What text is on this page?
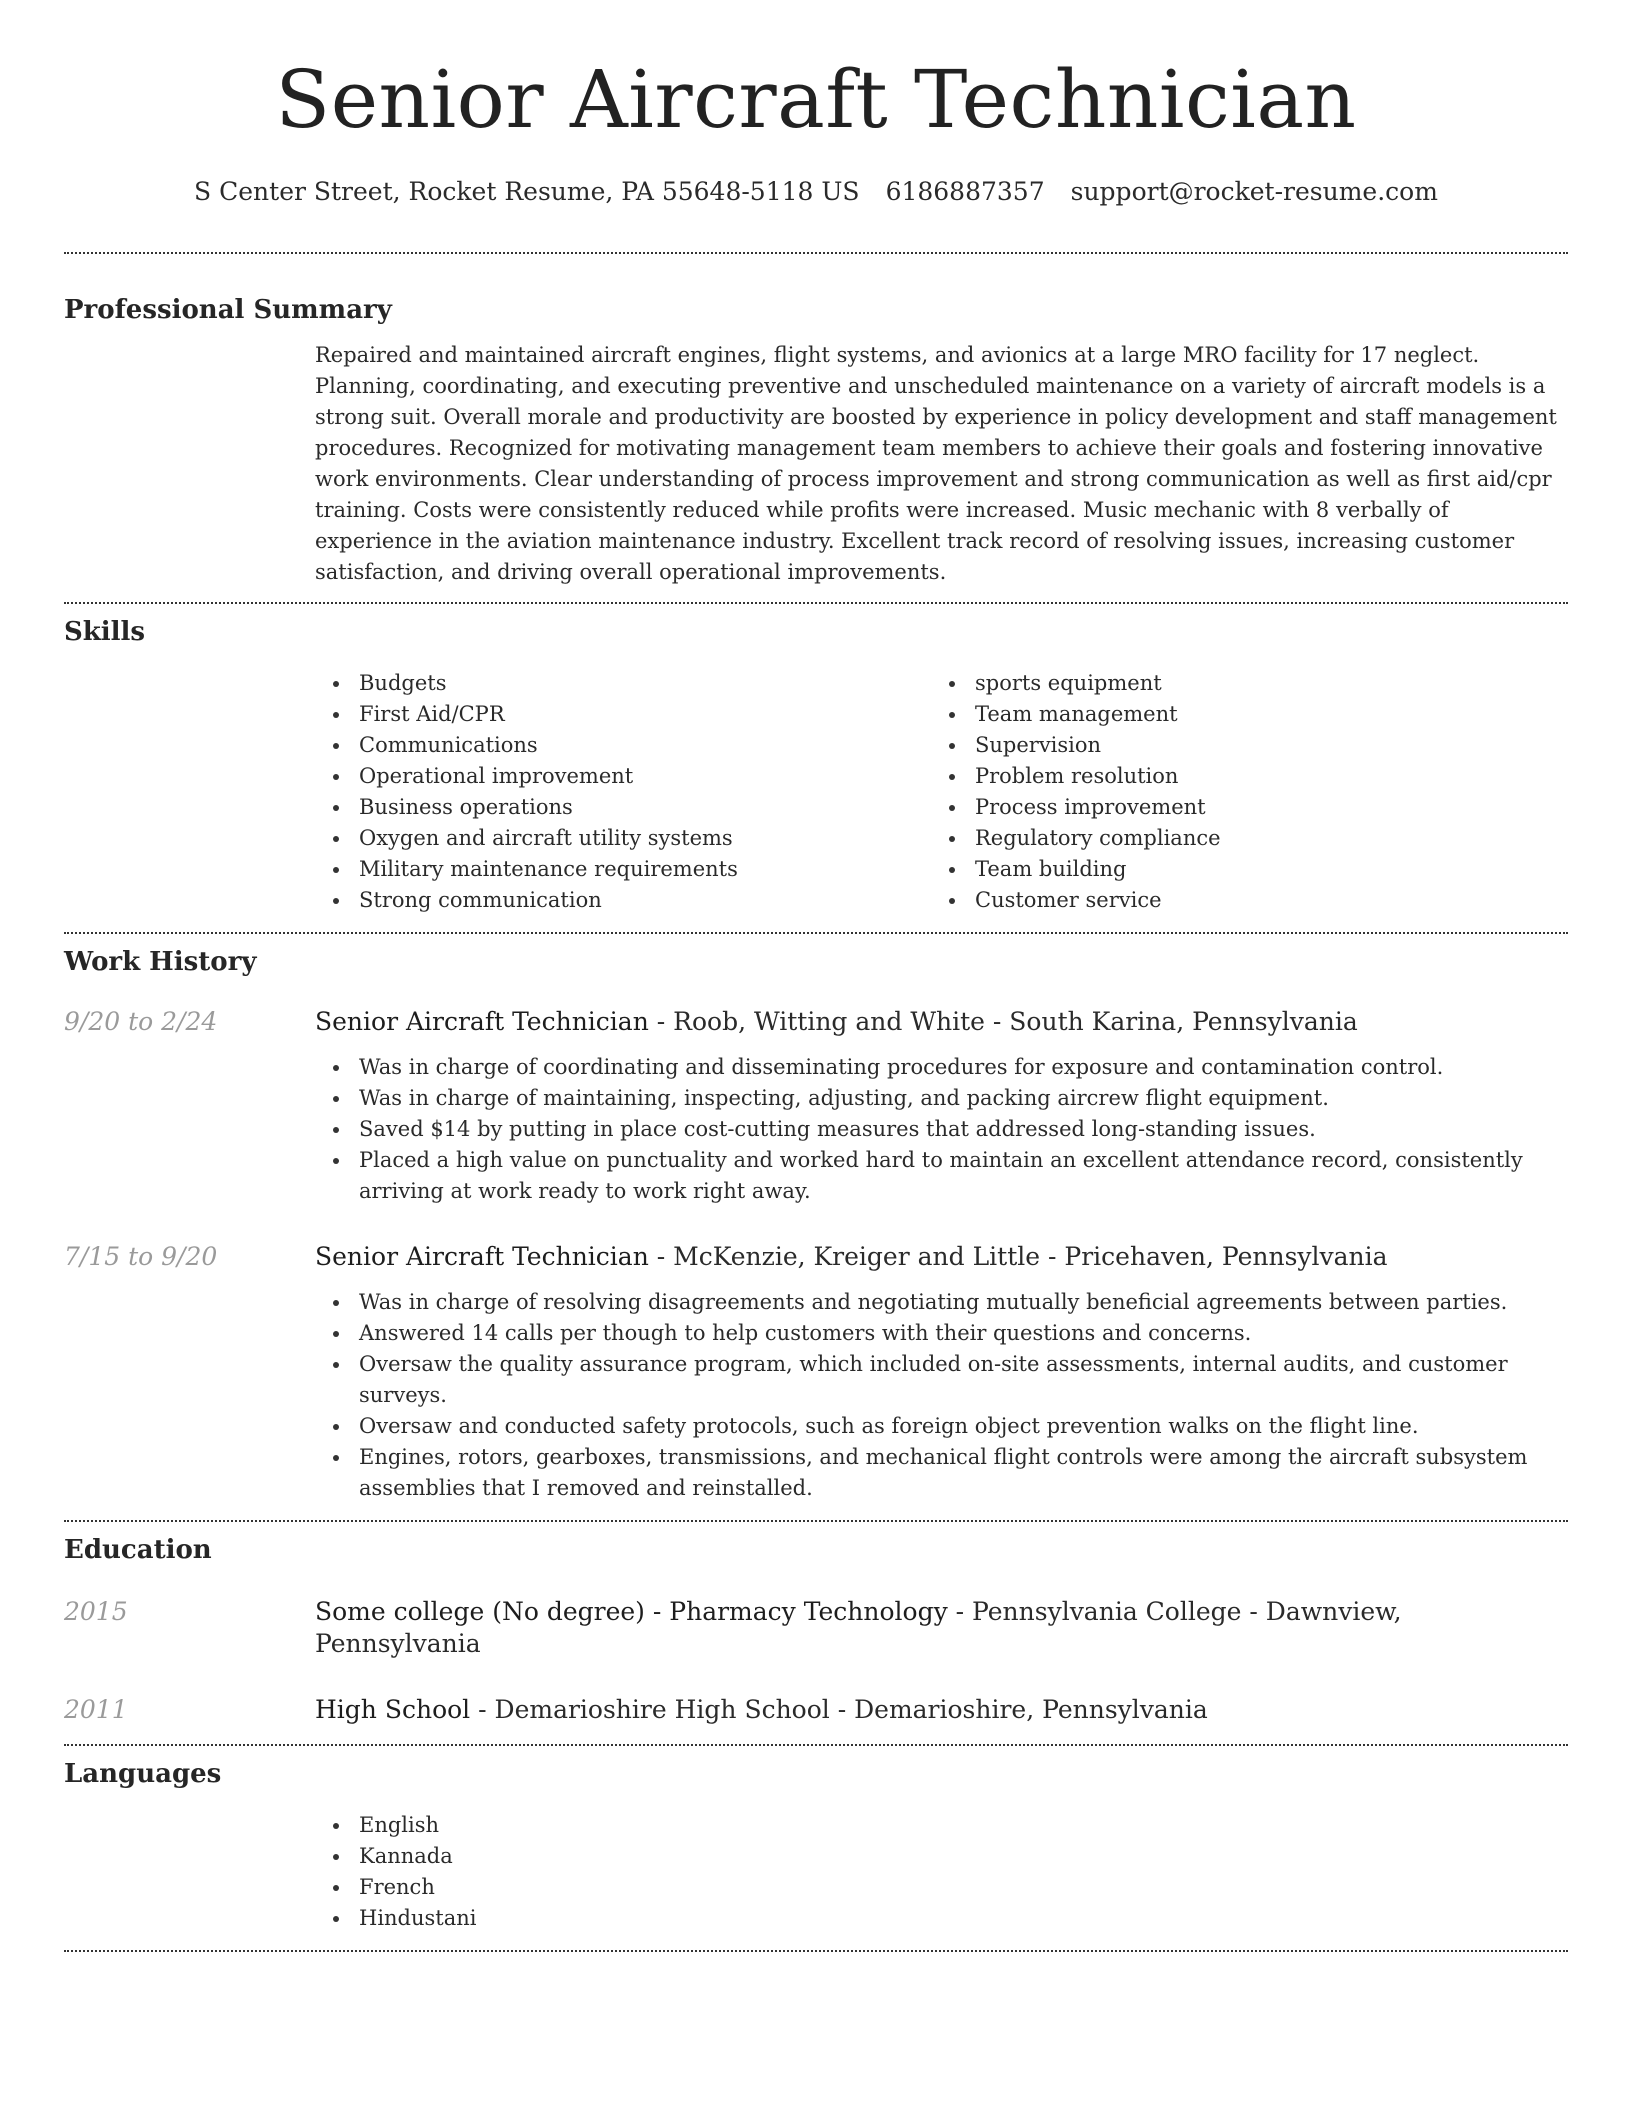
Senior Aircraft Technician
S Center Street, Rocket Resume, PA 55648-5118 US 6186887357 support@rocket-resume.com
Professional Summary

Repaired and maintained aircraft engines, flight systems, and avionics at a large MRO facility for 17 neglect. Planning, coordinating, and executing preventive and unscheduled maintenance on a variety of aircraft models is a strong suit. Overall morale and productivity are boosted by experience in policy development and staff management procedures. Recognized for motivating management team members to achieve their goals and fostering innovative work environments. Clear understanding of process improvement and strong communication as well as first aid/cpr training. Costs were consistently reduced while profits were increased. Music mechanic with 8 verbally of experience in the aviation maintenance industry. Excellent track record of resolving issues, increasing customer satisfaction, and driving overall operational improvements.

Skills
Budgets
First Aid/CPR
Communications
Operational improvement
Business operations
Oxygen and aircraft utility systems
Military maintenance requirements
Strong communication
sports equipment
Team management
Supervision
Problem resolution
Process improvement
Regulatory compliance
Team building
Customer service
Work History
9/20 to 2/24	Senior Aircraft Technician - Roob, Witting and White - South Karina, Pennsylvania
Was in charge of coordinating and disseminating procedures for exposure and contamination control.
Was in charge of maintaining, inspecting, adjusting, and packing aircrew flight equipment.
Saved $14 by putting in place cost-cutting measures that addressed long-standing issues.
Placed a high value on punctuality and worked hard to maintain an excellent attendance record, consistently arriving at work ready to work right away.
7/15 to 9/20	Senior Aircraft Technician - McKenzie, Kreiger and Little - Pricehaven, Pennsylvania
Was in charge of resolving disagreements and negotiating mutually beneficial agreements between parties.
Answered 14 calls per though to help customers with their questions and concerns.
Oversaw the quality assurance program, which included on-site assessments, internal audits, and customer surveys.
Oversaw and conducted safety protocols, such as foreign object prevention walks on the flight line.
Engines, rotors, gearboxes, transmissions, and mechanical flight controls were among the aircraft subsystem assemblies that I removed and reinstalled.
Education
2015	Some college (No degree) - Pharmacy Technology - Pennsylvania College - Dawnview, Pennsylvania
2011	High School - Demarioshire High School - Demarioshire, Pennsylvania
Languages
English
Kannada
French
Hindustani
